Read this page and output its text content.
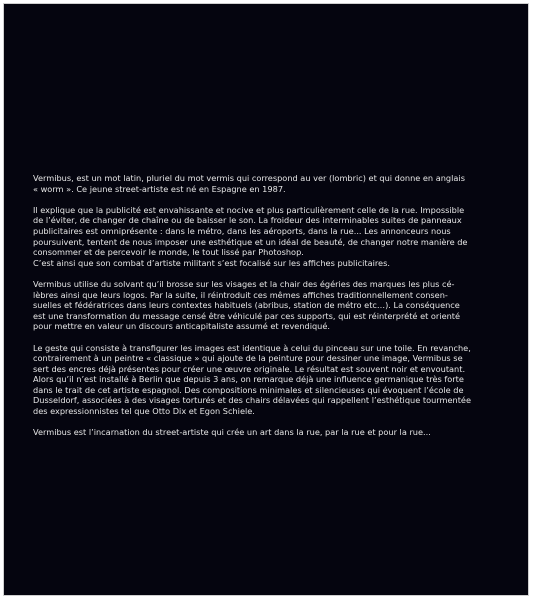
Vermibus, est un mot latin, pluriel du mot vermis qui correspond au ver (lombric) et qui donne en anglais
« worm ». Ce jeune street-artiste est né en Espagne en 1987.

Il explique que la publicité est envahissante et nocive et plus particulièrement celle de la rue. Impossible
de l’éviter, de changer de chaîne ou de baisser le son. La froideur des interminables suites de panneaux
publicitaires est omniprésente : dans le métro, dans les aéroports, dans la rue... Les annonceurs nous
poursuivent, tentent de nous imposer une esthétique et un idéal de beauté, de changer notre manière de
consommer et de percevoir le monde, le tout lissé par Photoshop.
C’est ainsi que son combat d’artiste militant s’est focalisé sur les affiches publicitaires.

Vermibus utilise du solvant qu’il brosse sur les visages et la chair des égéries des marques les plus cé-
lèbres ainsi que leurs logos. Par la suite, il réintroduit ces mêmes affiches traditionnellement consen-
suelles et fédératrices dans leurs contextes habituels (abribus, station de métro etc…). La conséquence
est une transformation du message censé être véhiculé par ces supports, qui est réinterprété et orienté
pour mettre en valeur un discours anticapitaliste assumé et revendiqué.

Le geste qui consiste à transfigurer les images est identique à celui du pinceau sur une toile. En revanche,
contrairement à un peintre « classique » qui ajoute de la peinture pour dessiner une image, Vermibus se
sert des encres déjà présentes pour créer une œuvre originale. Le résultat est souvent noir et envoutant.
Alors qu’il n’est installé à Berlin que depuis 3 ans, on remarque déjà une influence germanique très forte
dans le trait de cet artiste espagnol. Des compositions minimales et silencieuses qui évoquent l’école de
Dusseldorf, associées à des visages torturés et des chairs délavées qui rappellent l’esthétique tourmentée
des expressionnistes tel que Otto Dix et Egon Schiele.

Vermibus est l’incarnation du street-artiste qui crée un art dans la rue, par la rue et pour la rue...
